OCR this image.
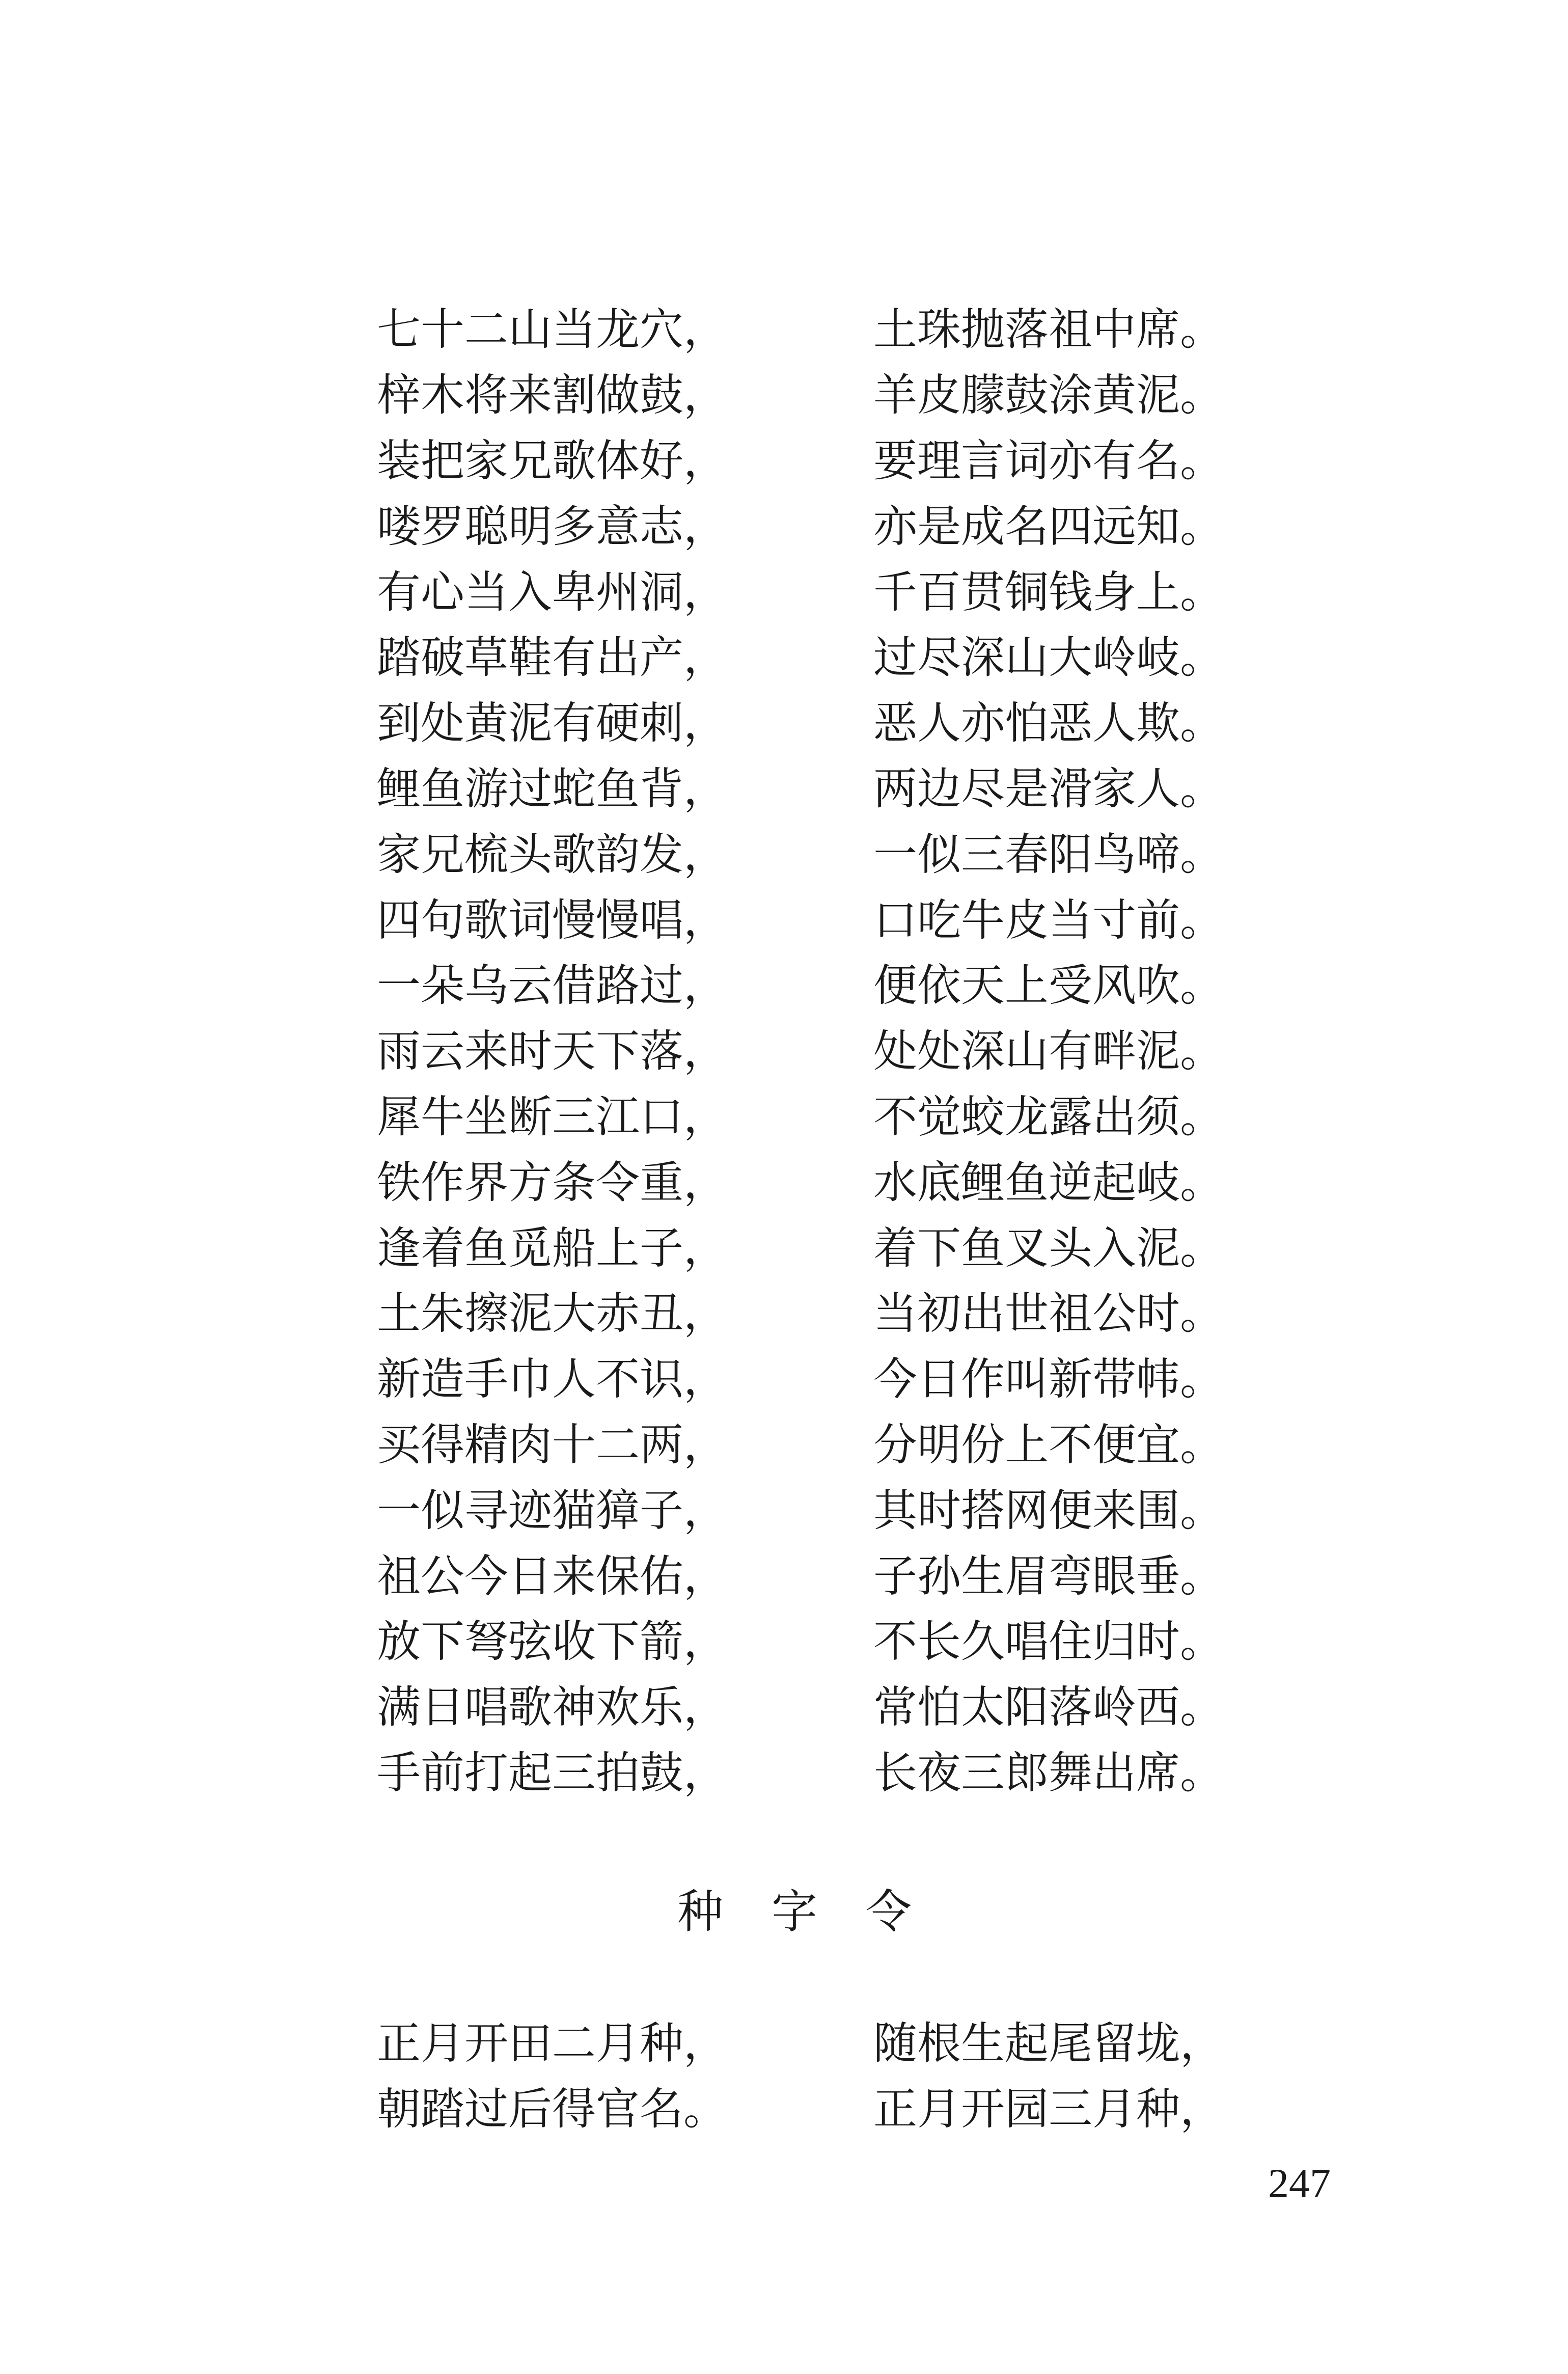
七十二山当龙穴，	土珠抛落祖中席。
梓木将来割做鼓，	羊皮朦鼓涂黄泥。
装把家兄歌体好，	要理言词亦有名。
喽罗聪明多意志，	亦是成名四远知。
有心当入卑州洞，	千百贯铜钱身上。
踏破草鞋有出产，	过尽深山大岭岐。
到处黄泥有硬刺，	恶人亦怕恶人欺。
鲤鱼游过蛇鱼背，	两边尽是滑家人。
家兄梳头歌韵发，	一似三春阳鸟啼。
四句歌词慢慢唱，	口吃牛皮当寸前。
一朵乌云借路过，	便依天上受风吹。
雨云来时天下落，	处处深山有畔泥。
犀牛坐断三江口，	不觉蛟龙露出须。
铁作界方条令重，	水底鲤鱼逆起岐。
逢着鱼觅船上子，	着下鱼叉头入泥。
土朱擦泥大赤丑，	当初出世祖公时。
新造手巾人不识，	今日作叫新带帏。
买得精肉十二两，	分明份上不便宜。
一似寻迹猫獐子，	其时搭网便来围。
祖公今日来保佑，	子孙生眉弯眼垂。
放下弩弦收下箭，	不长久唱住归时。
满日唱歌神欢乐，	常怕太阳落岭西。
手前打起三拍鼓，	长夜三郎舞出席。
种字令
正月开田二月种，	随根生起尾留垅，
朝踏过后得官名。	正月开园三月种，
247
